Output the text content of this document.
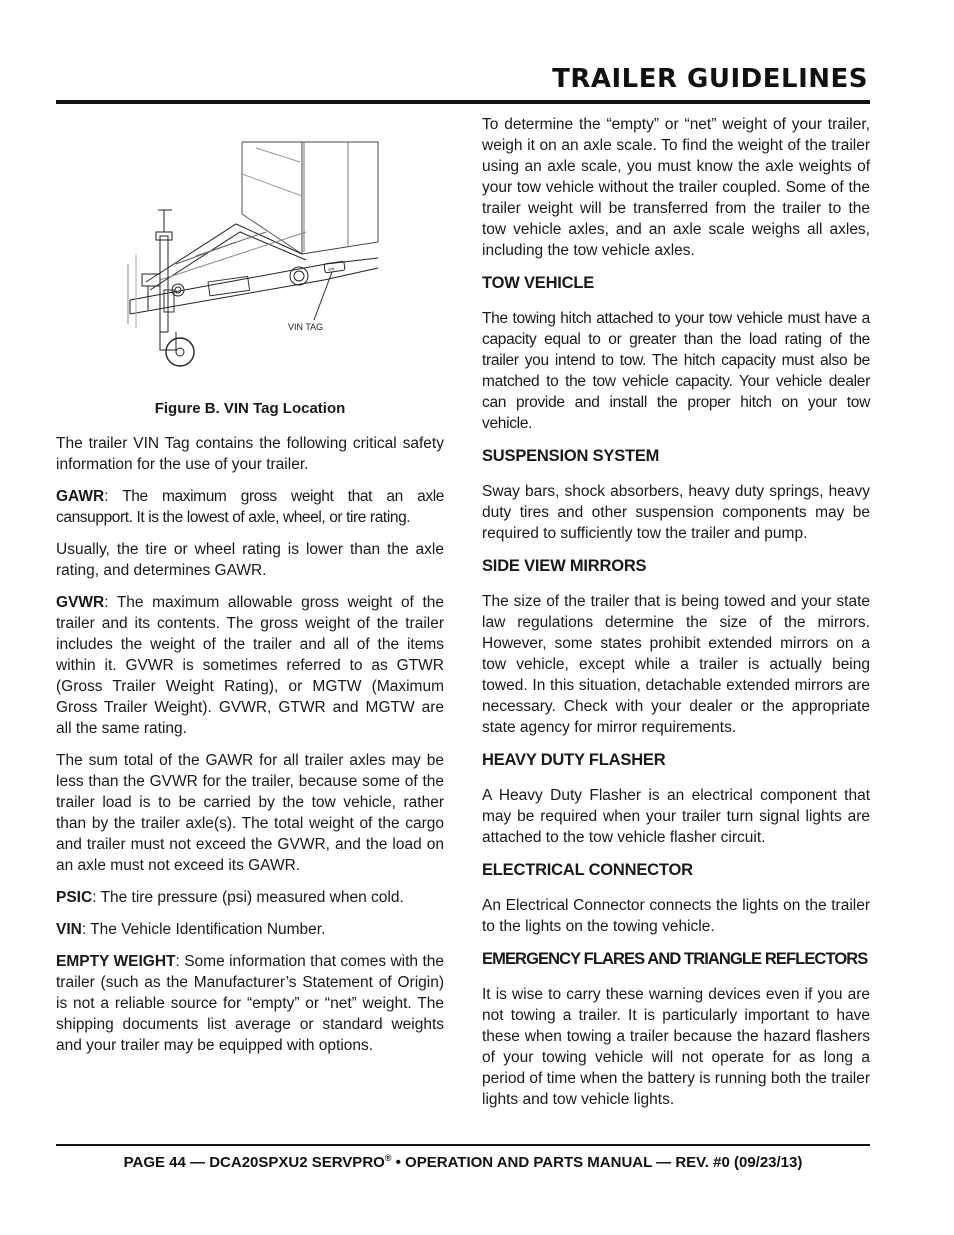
TRAILER GUIDELINES
VIN
VIN TAG
Figure B. VIN Tag Location

The trailer VIN Tag contains the following critical safety information for the use of your trailer.

GAWR: The maximum gross weight that an axle cansupport. It is the lowest of axle, wheel, or tire rating.

Usually, the tire or wheel rating is lower than the axle rating, and determines GAWR.

GVWR: The maximum allowable gross weight of the trailer and its contents. The gross weight of the trailer includes the weight of the trailer and all of the items within it. GVWR is sometimes referred to as GTWR (Gross Trailer Weight Rating), or MGTW (Maximum Gross Trailer Weight). GVWR, GTWR and MGTW are all the same rating.

The sum total of the GAWR for all trailer axles may be less than the GVWR for the trailer, because some of the trailer load is to be carried by the tow vehicle, rather than by the trailer axle(s). The total weight of the cargo and trailer must not exceed the GVWR, and the load on an axle must not exceed its GAWR.

PSIC: The tire pressure (psi) measured when cold.

VIN: The Vehicle Identification Number.

EMPTY WEIGHT: Some information that comes with the trailer (such as the Manufacturer’s Statement of Origin) is not a reliable source for “empty” or “net” weight. The shipping documents list average or standard weights and your trailer may be equipped with options.

To determine the “empty” or “net” weight of your trailer, weigh it on an axle scale. To find the weight of the trailer using an axle scale, you must know the axle weights of your tow vehicle without the trailer coupled. Some of the trailer weight will be transferred from the trailer to the tow vehicle axles, and an axle scale weighs all axles, including the tow vehicle axles.

TOW VEHICLE

The towing hitch attached to your tow vehicle must have a capacity equal to or greater than the load rating of the trailer you intend to tow. The hitch capacity must also be matched to the tow vehicle capacity. Your vehicle dealer can provide and install the proper hitch on your tow vehicle.

SUSPENSION SYSTEM

Sway bars, shock absorbers, heavy duty springs, heavy duty tires and other suspension components may be required to sufficiently tow the trailer and pump.

SIDE VIEW MIRRORS

The size of the trailer that is being towed and your state law regulations determine the size of the mirrors. However, some states prohibit extended mirrors on a tow vehicle, except while a trailer is actually being towed. In this situation, detachable extended mirrors are necessary. Check with your dealer or the appropriate state agency for mirror requirements.

HEAVY DUTY FLASHER

A Heavy Duty Flasher is an electrical component that may be required when your trailer turn signal lights are attached to the tow vehicle flasher circuit.

ELECTRICAL CONNECTOR

An Electrical Connector connects the lights on the trailer to the lights on the towing vehicle.

EMERGENCY FLARES AND TRIANGLE REFLECTORS

It is wise to carry these warning devices even if you are not towing a trailer. It is particularly important to have these when towing a trailer because the hazard flashers of your towing vehicle will not operate for as long a period of time when the battery is running both the trailer lights and tow vehicle lights.

PAGE 44 — DCA20SPXU2 SERVPRO® • OPERATION AND PARTS MANUAL — REV. #0 (09/23/13)
